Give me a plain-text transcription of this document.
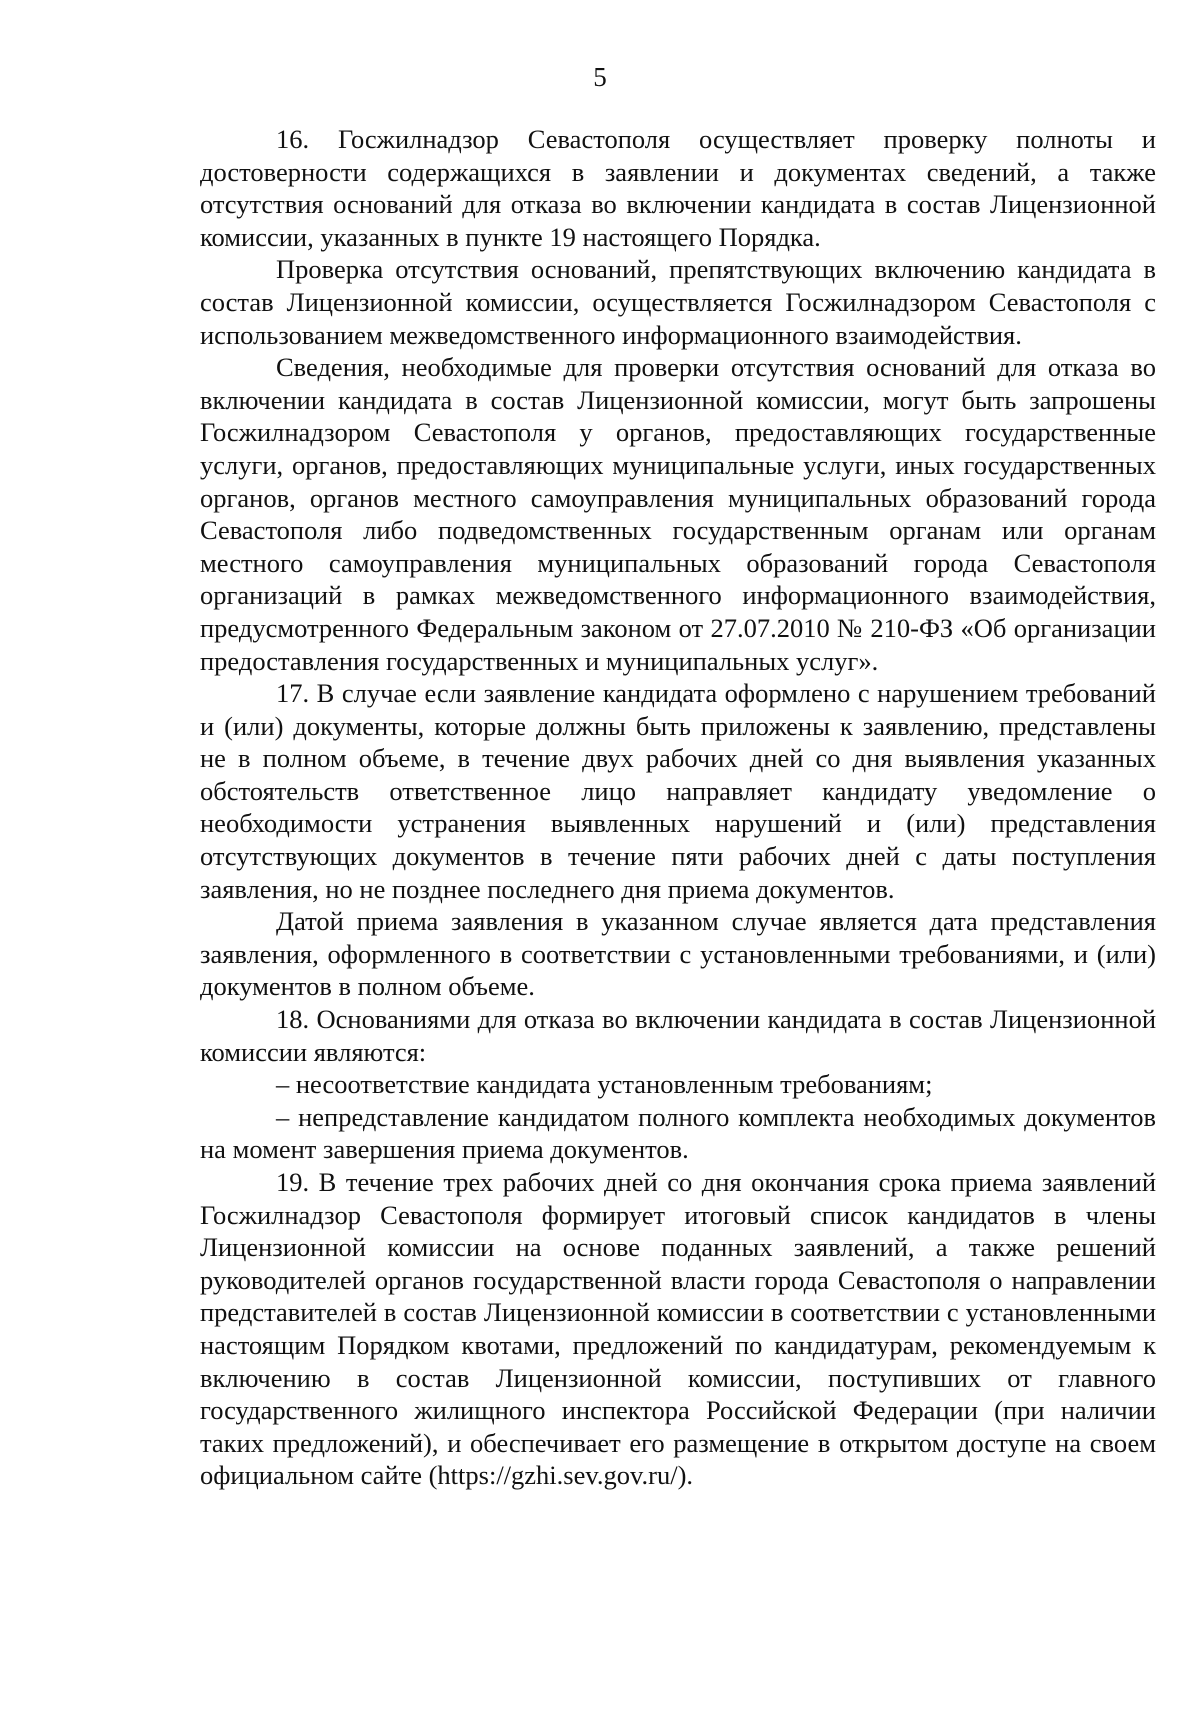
5

16. Госжилнадзор Севастополя осуществляет проверку полноты и достоверности содержащихся в заявлении и документах сведений, а также отсутствия оснований для отказа во включении кандидата в состав Лицензионной комиссии, указанных в пункте 19 настоящего Порядка.

Проверка отсутствия оснований, препятствующих включению кандидата в состав Лицензионной комиссии, осуществляется Госжилнадзором Севастополя с использованием межведомственного информационного взаимодействия.

Сведения, необходимые для проверки отсутствия оснований для отказа во включении кандидата в состав Лицензионной комиссии, могут быть запрошены Госжилнадзором Севастополя у органов, предоставляющих государственные услуги, органов, предоставляющих муниципальные услуги, иных государственных органов, органов местного самоуправления муниципальных образований города Севастополя либо подведомственных государственным органам или органам местного самоуправления муниципальных образований города Севастополя организаций в рамках межведомственного информационного взаимодействия, предусмотренного Федеральным законом от 27.07.2010 № 210-ФЗ «Об организации предоставления государственных и муниципальных услуг».

17. В случае если заявление кандидата оформлено с нарушением требований и (или) документы, которые должны быть приложены к заявлению, представлены не в полном объеме, в течение двух рабочих дней со дня выявления указанных обстоятельств ответственное лицо направляет кандидату уведомление о необходимости устранения выявленных нарушений и (или) представления отсутствующих документов в течение пяти рабочих дней с даты поступления заявления, но не позднее последнего дня приема документов.

Датой приема заявления в указанном случае является дата представления заявления, оформленного в соответствии с установленными требованиями, и (или) документов в полном объеме.

18. Основаниями для отказа во включении кандидата в состав Лицензионной комиссии являются:

– несоответствие кандидата установленным требованиям;

– непредставление кандидатом полного комплекта необходимых документов на момент завершения приема документов.

19. В течение трех рабочих дней со дня окончания срока приема заявлений Госжилнадзор Севастополя формирует итоговый список кандидатов в члены Лицензионной комиссии на основе поданных заявлений, а также решений руководителей органов государственной власти города Севастополя о направлении представителей в состав Лицензионной комиссии в соответствии с установленными настоящим Порядком квотами, предложений по кандидатурам, рекомендуемым к включению в состав Лицензионной комиссии, поступивших от главного государственного жилищного инспектора Российской Федерации (при наличии таких предложений), и обеспечивает его размещение в открытом доступе на своем официальном сайте (https://gzhi.sev.gov.ru/).
